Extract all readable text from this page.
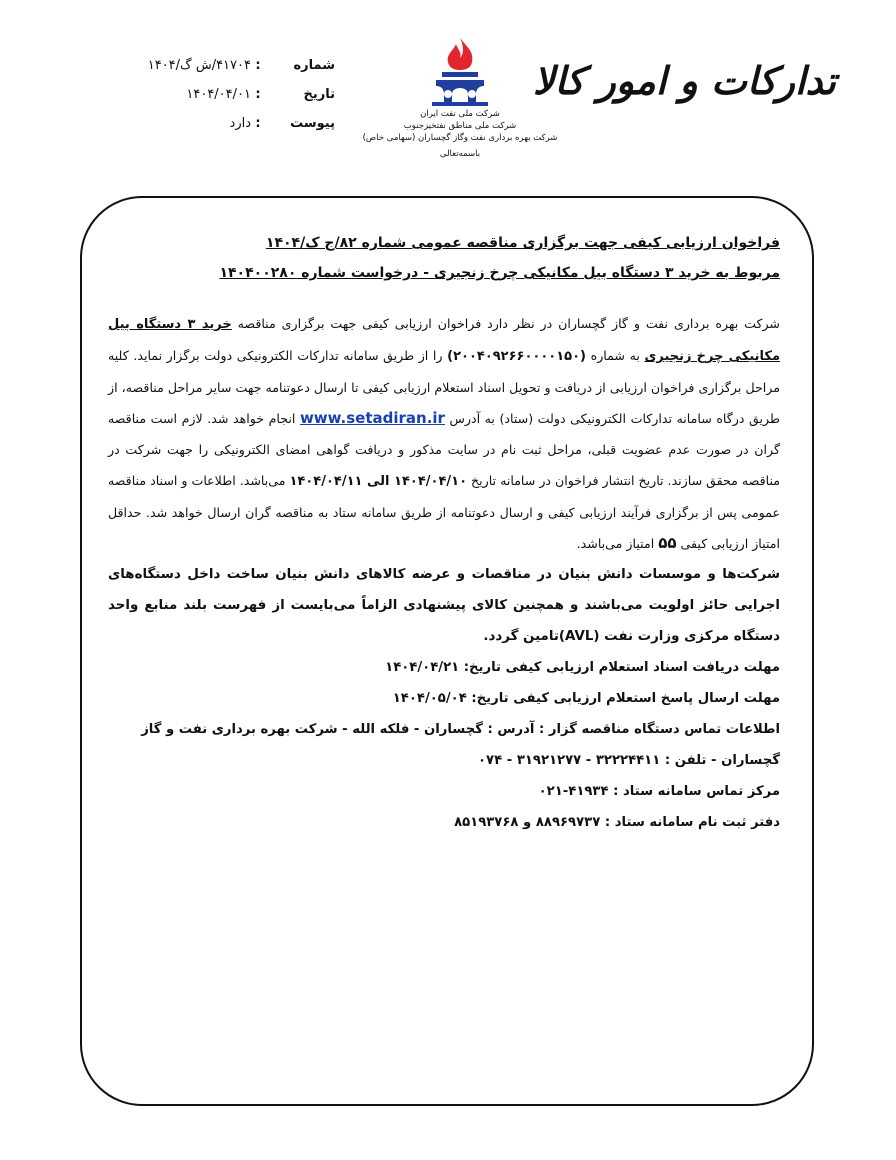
تدارکات و امور کالا
شرکت ملی نفت ایران
شرکت ملی مناطق نفتخیزجنوب
شرکت بهره برداری نفت وگاز گچساران (سهامی خاص)
باسمه‌تعالی
شماره
:
۴۱۷۰۴/ش گ/۱۴۰۴
تاریخ
:
۱۴۰۴/۰۴/۰۱
پیوست
:
دارد
فراخوان ارزیابی کیفی جهت برگزاری مناقصه عمومی شماره ۸۲/ج ک/۱۴۰۴
مربوط به خرید ۳ دستگاه بیل مکانیکی چرخ زنجیری - درخواست شماره ۱۴۰۴۰۰۲۸۰
شرکت بهره برداری نفت و گاز گچساران در نظر دارد فراخوان ارزیابی کیفی جهت برگزاری مناقصه خرید ۳ دستگاه بیل مکانیکی چرخ زنجیری به شماره (۲۰۰۴۰۹۲۶۶۰۰۰۰۱۵۰) را از طریق سامانه تدارکات الکترونیکی دولت برگزار نماید. کلیه مراحل برگزاری فراخوان ارزیابی از دریافت و تحویل اسناد استعلام ارزیابی کیفی تا ارسال دعوتنامه جهت سایر مراحل مناقصه، از طریق درگاه سامانه تدارکات الکترونیکی دولت (ستاد) به آدرس www.setadiran.ir انجام خواهد شد. لازم است مناقصه گران در صورت عدم عضویت قبلی، مراحل ثبت نام در سایت مذکور و دریافت گواهی امضای الکترونیکی را جهت شرکت در مناقصه محقق سازند. تاریخ انتشار فراخوان در سامانه تاریخ ۱۴۰۴/۰۴/۱۰ الی ۱۴۰۴/۰۴/۱۱ می‌باشد. اطلاعات و اسناد مناقصه عمومی پس از برگزاری فرآیند ارزیابی کیفی و ارسال دعوتنامه از طریق سامانه ستاد به مناقصه گران ارسال خواهد شد. حداقل امتیاز ارزیابی کیفی ۵۵ امتیاز می‌باشد.
شرکت‌ها و موسسات دانش بنیان در مناقصات و عرضه کالاهای دانش بنیان ساخت داخل دستگاه‌های اجرایی حائز اولویت می‌باشند و همچنین کالای پیشنهادی الزاماً می‌بایست از فهرست بلند منابع واحد دستگاه مرکزی وزارت نفت (AVL)تامین گردد.
مهلت دریافت اسناد استعلام ارزیابی کیفی تاریخ: ۱۴۰۴/۰۴/۲۱
مهلت ارسال پاسخ استعلام ارزیابی کیفی تاریخ: ۱۴۰۴/۰۵/۰۴
اطلاعات تماس دستگاه مناقصه گزار : آدرس : گچساران - فلکه الله - شرکت بهره برداری نفت و گاز
گچساران - تلفن : ۳۲۲۲۴۴۱۱ - ۳۱۹۲۱۲۷۷ - ۰۷۴
مرکز تماس سامانه ستاد : ۴۱۹۳۴-۰۲۱
دفتر ثبت نام سامانه ستاد : ۸۸۹۶۹۷۳۷ و ۸۵۱۹۳۷۶۸
